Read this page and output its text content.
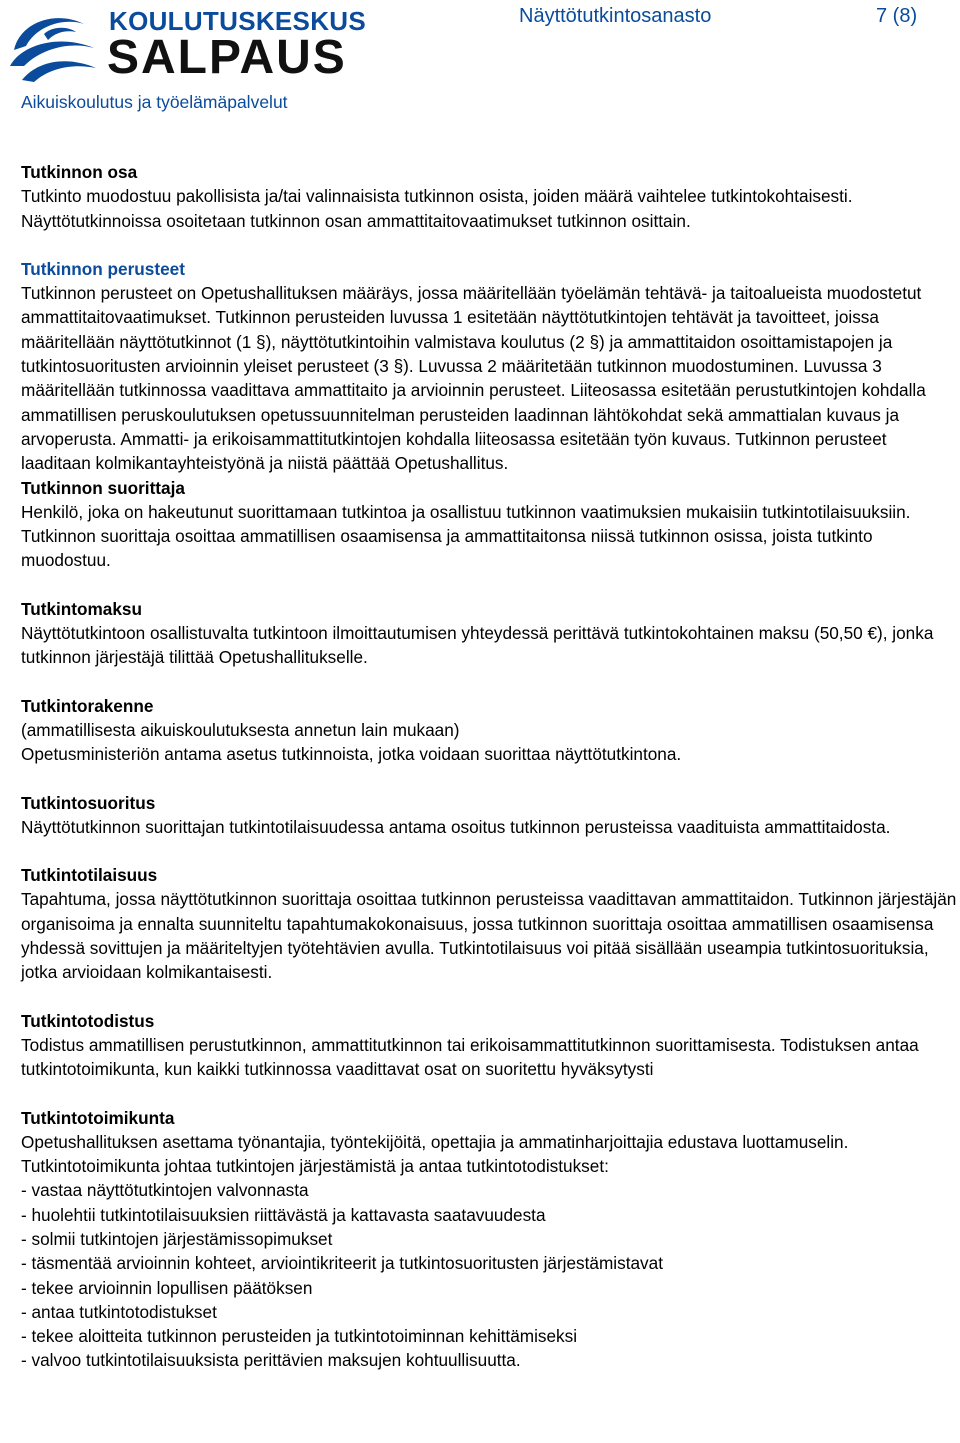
KOULUTUSKESKUS
SALPAUS
Aikuiskoulutus ja työelämäpalvelut
Näyttötutkintosanasto	7 (8)
Tutkinnon osa

Tutkinto muodostuu pakollisista ja/tai valinnaisista tutkinnon osista, joiden määrä vaihtelee tutkintokohtaisesti. Näyttötutkinnoissa osoitetaan tutkinnon osan ammattitaitovaatimukset tutkinnon osittain.

Tutkinnon perusteet

Tutkinnon perusteet on Opetushallituksen määräys, jossa määritellään työelämän tehtävä- ja taitoalueista muodostetut ammattitaitovaatimukset. Tutkinnon perusteiden luvussa 1 esitetään näyttötutkintojen tehtävät ja tavoitteet, joissa määritellään näyttötutkinnot (1 §), näyttötutkintoihin valmistava koulutus (2 §) ja ammattitaidon osoittamistapojen ja tutkintosuoritusten arvioinnin yleiset perusteet (3 §). Luvussa 2 määritetään tutkinnon muodostuminen. Luvussa 3 määritellään tutkinnossa vaadittava ammattitaito ja arvioinnin perusteet. Liiteosassa esitetään perustutkintojen kohdalla ammatillisen peruskoulutuksen opetussuunnitelman perusteiden laadinnan lähtökohdat sekä ammattialan kuvaus ja arvoperusta. Ammatti- ja erikoisammattitutkintojen kohdalla liiteosassa esitetään työn kuvaus. Tutkinnon perusteet laaditaan kolmikantayhteistyönä ja niistä päättää Opetushallitus.

Tutkinnon suorittaja

Henkilö, joka on hakeutunut suorittamaan tutkintoa ja osallistuu tutkinnon vaatimuksien mukaisiin tutkintotilaisuuksiin. Tutkinnon suorittaja osoittaa ammatillisen osaamisensa ja ammattitaitonsa niissä tutkinnon osissa, joista tutkinto muodostuu.

Tutkintomaksu

Näyttötutkintoon osallistuvalta tutkintoon ilmoittautumisen yhteydessä perittävä tutkintokohtainen maksu (50,50 €), jonka tutkinnon järjestäjä tilittää Opetushallitukselle.

Tutkintorakenne

(ammatillisesta aikuiskoulutuksesta annetun lain mukaan)

Opetusministeriön antama asetus tutkinnoista, jotka voidaan suorittaa näyttötutkintona.

Tutkintosuoritus

Näyttötutkinnon suorittajan tutkintotilaisuudessa antama osoitus tutkinnon perusteissa vaadituista ammattitaidosta.

Tutkintotilaisuus

Tapahtuma, jossa näyttötutkinnon suorittaja osoittaa tutkinnon perusteissa vaadittavan ammattitaidon. Tutkinnon järjestäjän organisoima ja ennalta suunniteltu tapahtumakokonaisuus, jossa tutkinnon suorittaja osoittaa ammatillisen osaamisensa yhdessä sovittujen ja määriteltyjen työtehtävien avulla. Tutkintotilaisuus voi pitää sisällään useampia tutkintosuorituksia, jotka arvioidaan kolmikantaisesti.

Tutkintotodistus

Todistus ammatillisen perustutkinnon, ammattitutkinnon tai erikoisammattitutkinnon suorittamisesta. Todistuksen antaa tutkintotoimikunta, kun kaikki tutkinnossa vaadittavat osat on suoritettu hyväksytysti

Tutkintotoimikunta

Opetushallituksen asettama työnantajia, työntekijöitä, opettajia ja ammatinharjoittajia edustava luottamuselin. Tutkintotoimikunta johtaa tutkintojen järjestämistä ja antaa tutkintotodistukset:

- vastaa näyttötutkintojen valvonnasta
- huolehtii tutkintotilaisuuksien riittävästä ja kattavasta saatavuudesta
- solmii tutkintojen järjestämissopimukset
- täsmentää arvioinnin kohteet, arviointikriteerit ja tutkintosuoritusten järjestämistavat
- tekee arvioinnin lopullisen päätöksen
- antaa tutkintotodistukset
- tekee aloitteita tutkinnon perusteiden ja tutkintotoiminnan kehittämiseksi
- valvoo tutkintotilaisuuksista perittävien maksujen kohtuullisuutta.
